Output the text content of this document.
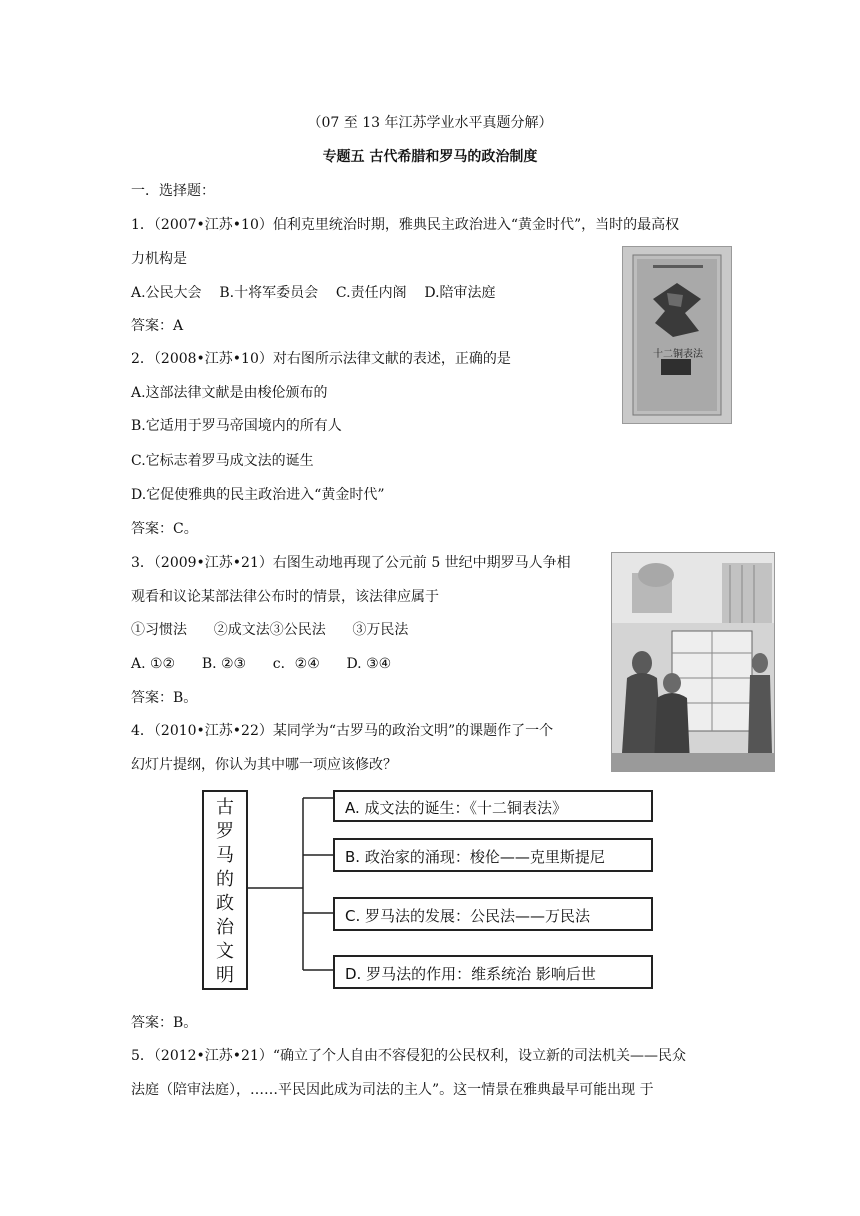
（07 至 13 年江苏学业水平真题分解）
专题五 古代希腊和罗马的政治制度
一．选择题：
1．（2007•江苏•10）伯利克里统治时期，雅典民主政治进入“黄金时代”，当时的最高权
力机构是
A.公民大会    B.十将军委员会    C.责任内阁    D.陪审法庭
答案：A
2．（2008•江苏•10）对右图所示法律文献的表述，正确的是
A.这部法律文献是由梭伦颁布的
B.它适用于罗马帝国境内的所有人
C.它标志着罗马成文法的诞生
D.它促使雅典的民主政治进入“黄金时代”
答案：C。
十二铜表法
3．（2009•江苏•21）右图生动地再现了公元前 5 世纪中期罗马人争相
观看和议论某部法律公布时的情景，该法律应属于
①习惯法      ②成文法③公民法      ③万民法
A. ①②      B. ②③      c．②④      D. ③④
答案：B。
4．（2010•江苏•22）某同学为“古罗马的政治文明”的课题作了一个
幻灯片提纲，你认为其中哪一项应该修改？
古
罗
马
的
政
治
文
明
A. 成文法的诞生：《十二铜表法》
B. 政治家的涌现：梭伦——克里斯提尼
C. 罗马法的发展：公民法——万民法
D. 罗马法的作用：维系统治 影响后世
答案：B。
5．（2012•江苏•21）“确立了个人自由不容侵犯的公民权利，设立新的司法机关——民众
法庭（陪审法庭），……平民因此成为司法的主人”。这一情景在雅典最早可能出现 于
